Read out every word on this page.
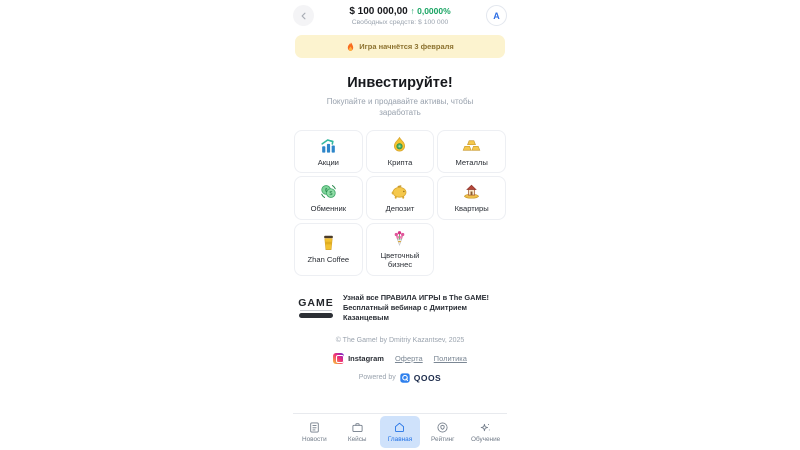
$ 100 000,00 ↑ 0,0000%
Свободных средств: $ 100 000
A
Игра начнётся 3 февраля
Инвестируйте!
Покупайте и продавайте активы, чтобы заработать
Акции	Крипта	Металлы
¢
$
Обменник	Депозит	Квартиры
Zhan Coffee
Цветочный бизнес
GAME
Узнай все ПРАВИЛА ИГРЫ в The GAME! Бесплатный вебинар с Дмитрием Казанцевым
© The Game! by Dmitriy Kazantsev, 2025
Instagram Оферта Политика
Powered by QOOS
Новости	Кейсы	Главная	Рейтинг	Обучение
